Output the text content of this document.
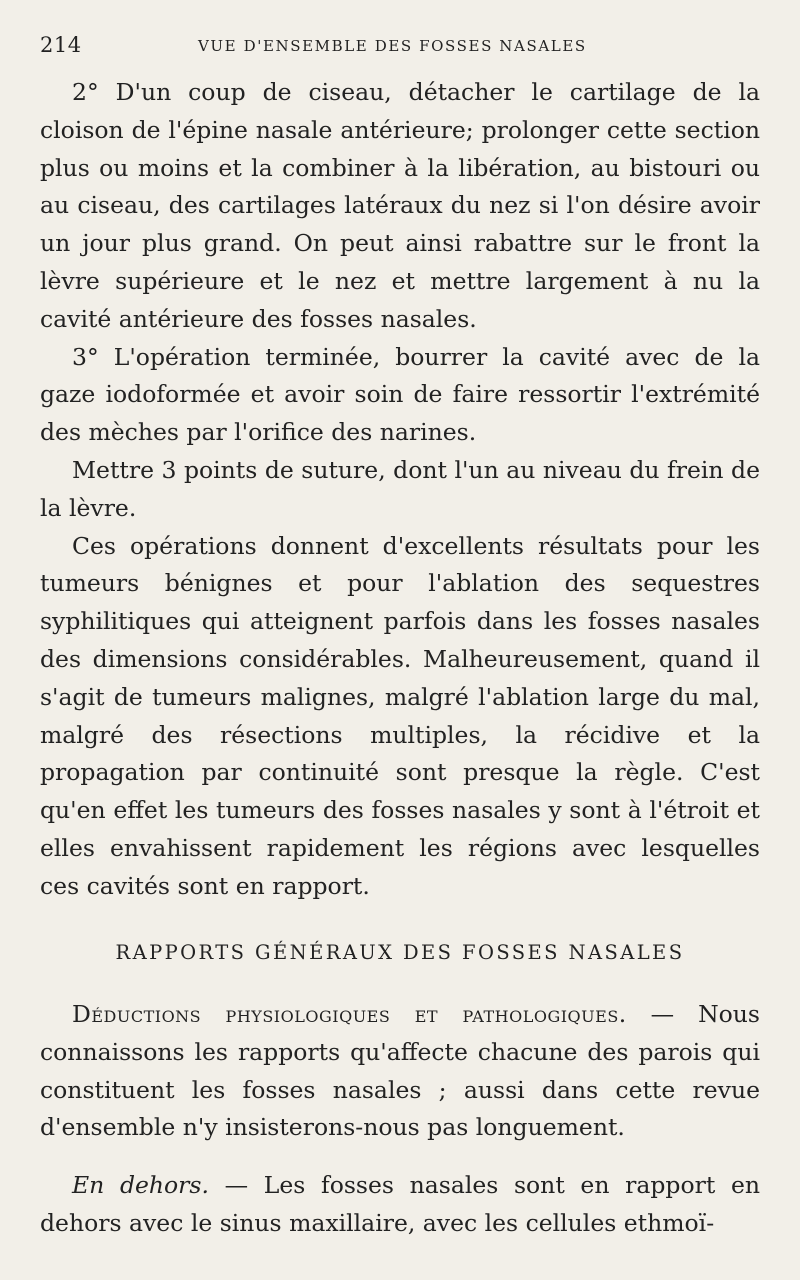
214	VUE D'ENSEMBLE DES FOSSES NASALES

2° D'un coup de ciseau, détacher le cartilage de la cloison de l'épine nasale antérieure; prolonger cette section plus ou moins et la combiner à la libération, au bistouri ou au ciseau, des cartilages latéraux du nez si l'on désire avoir un jour plus grand. On peut ainsi rabattre sur le front la lèvre supérieure et le nez et mettre largement à nu la cavité antérieure des fosses nasales.

3° L'opération terminée, bourrer la cavité avec de la gaze iodoformée et avoir soin de faire ressortir l'extrémité des mèches par l'orifice des narines.

Mettre 3 points de suture, dont l'un au niveau du frein de la lèvre.

Ces opérations donnent d'excellents résultats pour les tumeurs bénignes et pour l'ablation des sequestres syphilitiques qui atteignent parfois dans les fosses nasales des dimensions considérables. Malheureusement, quand il s'agit de tumeurs malignes, malgré l'ablation large du mal, malgré des résections multiples, la récidive et la propagation par continuité sont presque la règle. C'est qu'en effet les tumeurs des fosses nasales y sont à l'étroit et elles envahissent rapidement les régions avec lesquelles ces cavités sont en rapport.

RAPPORTS GÉNÉRAUX DES FOSSES NASALES

Déductions physiologiques et pathologiques. — Nous connaissons les rapports qu'affecte chacune des parois qui constituent les fosses nasales ; aussi dans cette revue d'ensemble n'y insisterons-nous pas longuement.

En dehors. — Les fosses nasales sont en rapport en dehors avec le sinus maxillaire, avec les cellules ethmoï-
